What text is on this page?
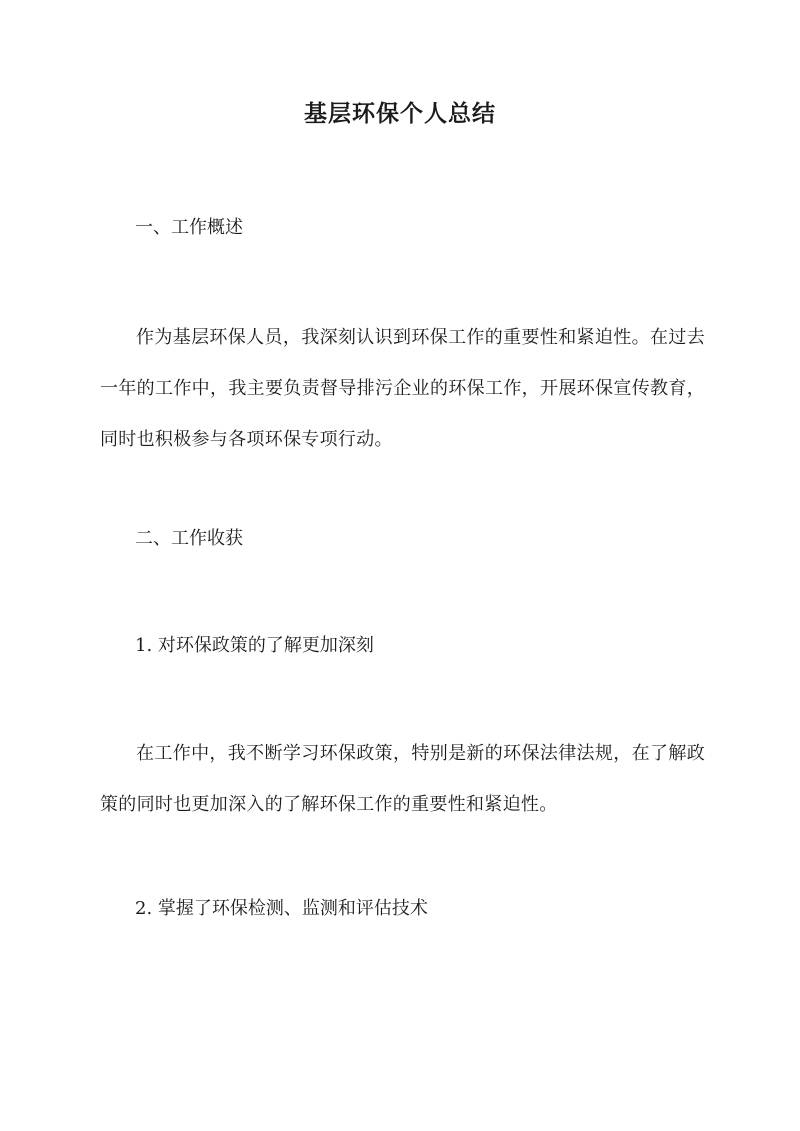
基层环保个人总结
一、工作概述
作为基层环保人员，我深刻认识到环保工作的重要性和紧迫性。在过去一年的工作中，我主要负责督导排污企业的环保工作，开展环保宣传教育，同时也积极参与各项环保专项行动。
二、工作收获
1. 对环保政策的了解更加深刻
在工作中，我不断学习环保政策，特别是新的环保法律法规，在了解政策的同时也更加深入的了解环保工作的重要性和紧迫性。
2. 掌握了环保检测、监测和评估技术
